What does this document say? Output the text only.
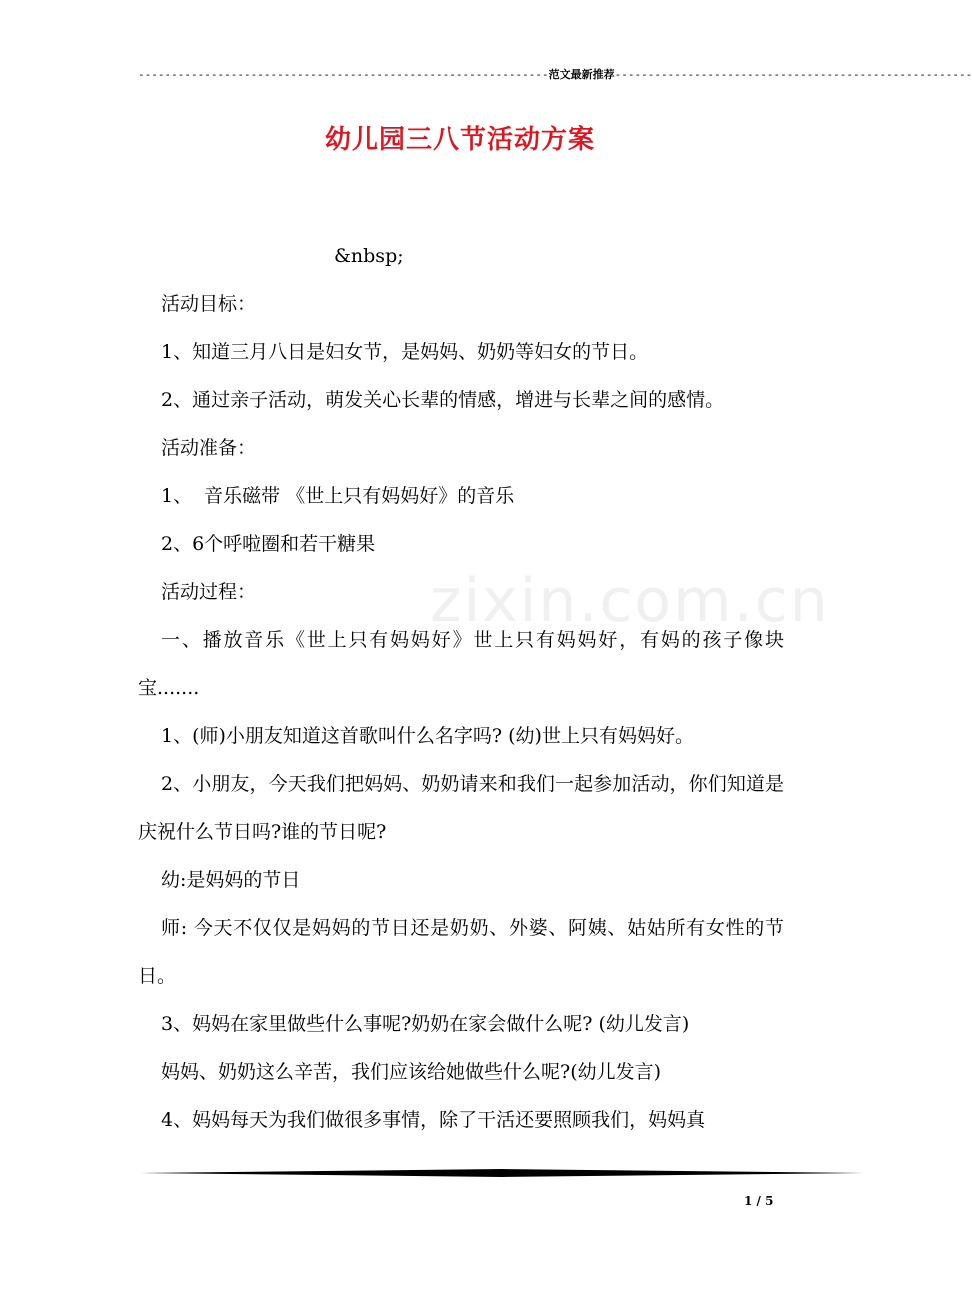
--------------------------------------------------------------范文最新推荐------------------------------------------------------
幼儿园三八节活动方案
zixin.com.cn

&nbsp;

活动目标：

1、知道三月八日是妇女节，是妈妈、奶奶等妇女的节日。

2、通过亲子活动，萌发关心长辈的情感，增进与长辈之间的感情。

活动准备：

1、  音乐磁带 《世上只有妈妈好》的音乐

2、6个呼啦圈和若干糖果

活动过程：

一、播放音乐《世上只有妈妈好》世上只有妈妈好，有妈的孩子像块宝.......

1、(师)小朋友知道这首歌叫什么名字吗? (幼)世上只有妈妈好。

2、小朋友，今天我们把妈妈、奶奶请来和我们一起参加活动，你们知道是庆祝什么节日吗?谁的节日呢?

幼:是妈妈的节日

师: 今天不仅仅是妈妈的节日还是奶奶、外婆、阿姨、姑姑所有女性的节日。

3、妈妈在家里做些什么事呢?奶奶在家会做什么呢? (幼儿发言)

妈妈、奶奶这么辛苦，我们应该给她做些什么呢?(幼儿发言)

4、妈妈每天为我们做很多事情，除了干活还要照顾我们，妈妈真

1 / 5
